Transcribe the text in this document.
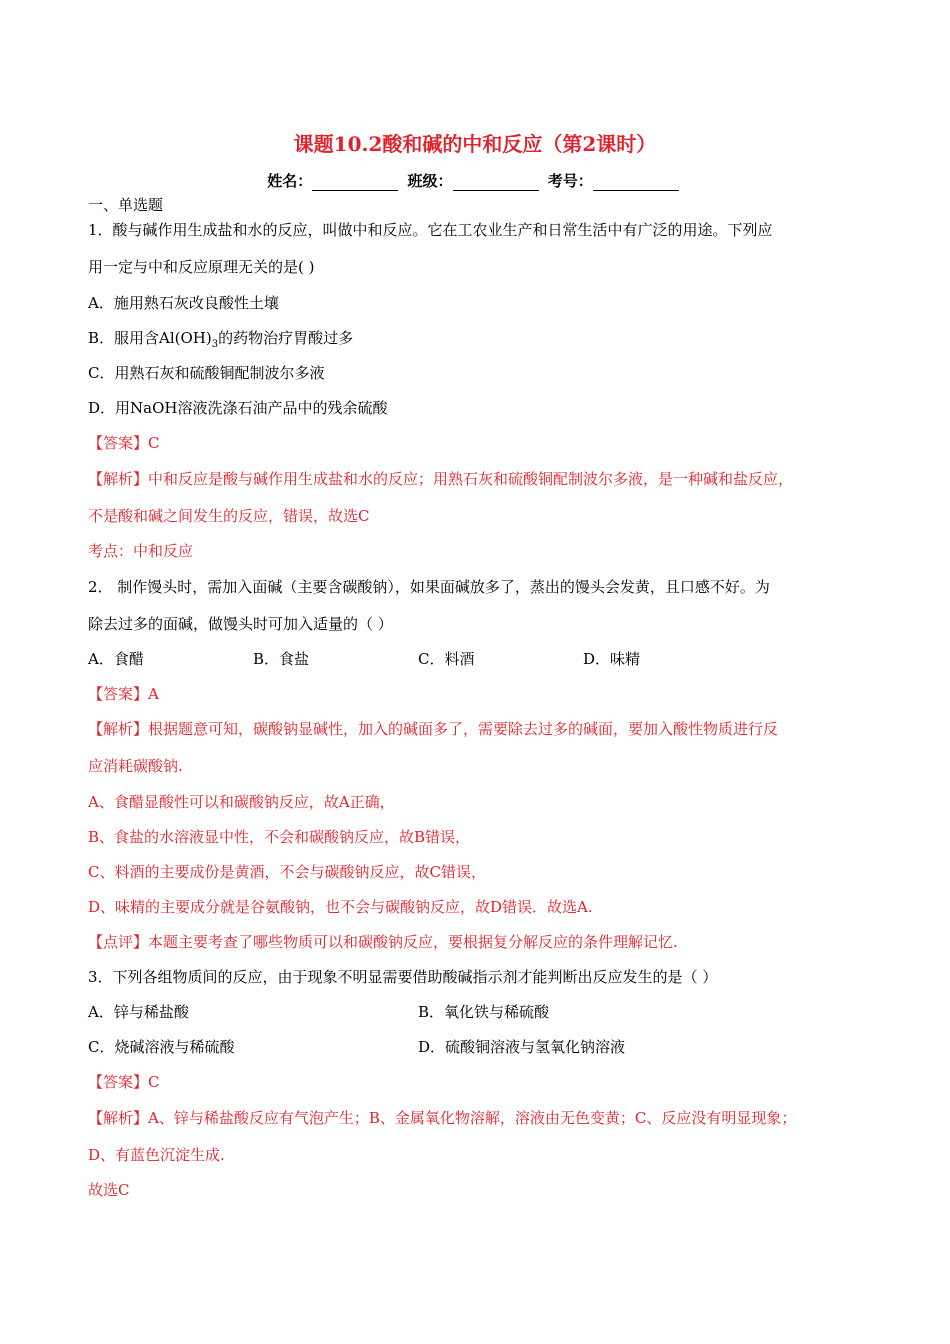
课题10.2酸和碱的中和反应（第2课时）
姓名：	班级：	考号：
一、单选题
1．酸与碱作用生成盐和水的反应，叫做中和反应。它在工农业生产和日常生活中有广泛的用途。下列应
用一定与中和反应原理无关的是( )
A．施用熟石灰改良酸性土壤
B．服用含$Al(OH)_3$的药物治疗胃酸过多
C．用熟石灰和硫酸铜配制波尔多液
D．用NaOH溶液洗涤石油产品中的残余硫酸
【答案】C
【解析】中和反应是酸与碱作用生成盐和水的反应；用熟石灰和硫酸铜配制波尔多液，是一种碱和盐反应，
不是酸和碱之间发生的反应，错误，故选C
考点：中和反应
2． 制作馒头时，需加入面碱（主要含碳酸钠），如果面碱放多了，蒸出的馒头会发黄，且口感不好。为
除去过多的面碱，做馒头时可加入适量的（ ）
A．食醋	B．食盐	C．料酒	D．味精
【答案】A
【解析】根据题意可知，碳酸钠显碱性，加入的碱面多了，需要除去过多的碱面，要加入酸性物质进行反
应消耗碳酸钠.
A、食醋显酸性可以和碳酸钠反应，故A正确，
B、食盐的水溶液显中性，不会和碳酸钠反应，故B错误，
C、料酒的主要成份是黄酒，不会与碳酸钠反应，故C错误，
D、味精的主要成分就是谷氨酸钠，也不会与碳酸钠反应，故D错误．故选A.
【点评】本题主要考查了哪些物质可以和碳酸钠反应，要根据复分解反应的条件理解记忆.
3．下列各组物质间的反应，由于现象不明显需要借助酸碱指示剂才能判断出反应发生的是（ ）
A．锌与稀盐酸	B．氧化铁与稀硫酸
C．烧碱溶液与稀硫酸	D．硫酸铜溶液与氢氧化钠溶液
【答案】C
【解析】A、锌与稀盐酸反应有气泡产生；B、金属氧化物溶解，溶液由无色变黄；C、反应没有明显现象；
D、有蓝色沉淀生成.
故选C
